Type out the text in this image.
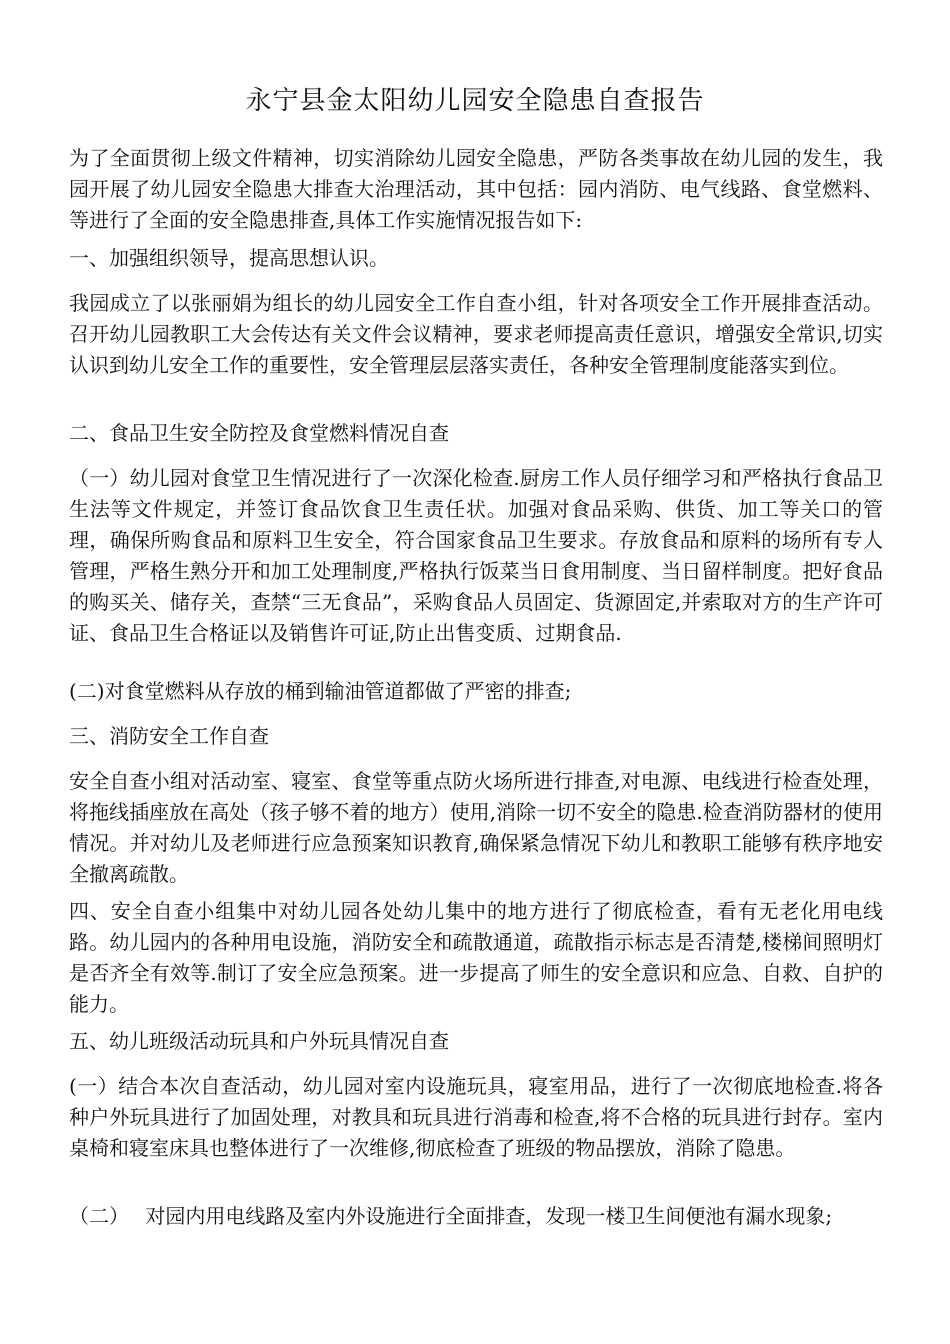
永宁县金太阳幼儿园安全隐患自查报告

为了全面贯彻上级文件精神，切实消除幼儿园安全隐患，严防各类事故在幼儿园的发生，我园开展了幼儿园安全隐患大排查大治理活动，其中包括：园内消防、电气线路、食堂燃料、等进行了全面的安全隐患排查,具体工作实施情况报告如下:

一、加强组织领导，提高思想认识。

我园成立了以张丽娟为组长的幼儿园安全工作自查小组，针对各项安全工作开展排查活动。召开幼儿园教职工大会传达有关文件会议精神，要求老师提高责任意识，增强安全常识,切实认识到幼儿安全工作的重要性，安全管理层层落实责任，各种安全管理制度能落实到位。

二、食品卫生安全防控及食堂燃料情况自查

（一）幼儿园对食堂卫生情况进行了一次深化检查.厨房工作人员仔细学习和严格执行食品卫生法等文件规定，并签订食品饮食卫生责任状。加强对食品采购、供货、加工等关口的管理，确保所购食品和原料卫生安全，符合国家食品卫生要求。存放食品和原料的场所有专人管理，严格生熟分开和加工处理制度,严格执行饭菜当日食用制度、当日留样制度。把好食品的购买关、储存关，查禁“三无食品”，采购食品人员固定、货源固定,并索取对方的生产许可证、食品卫生合格证以及销售许可证,防止出售变质、过期食品.

(二)对食堂燃料从存放的桶到输油管道都做了严密的排查;

三、消防安全工作自查

安全自查小组对活动室、寝室、食堂等重点防火场所进行排查,对电源、电线进行检查处理，将拖线插座放在高处（孩子够不着的地方）使用,消除一切不安全的隐患.检查消防器材的使用情况。并对幼儿及老师进行应急预案知识教育,确保紧急情况下幼儿和教职工能够有秩序地安全撤离疏散。

四、安全自查小组集中对幼儿园各处幼儿集中的地方进行了彻底检查，看有无老化用电线路。幼儿园内的各种用电设施，消防安全和疏散通道，疏散指示标志是否清楚,楼梯间照明灯是否齐全有效等.制订了安全应急预案。进一步提高了师生的安全意识和应急、自救、自护的能力。

五、幼儿班级活动玩具和户外玩具情况自查

(一）结合本次自查活动，幼儿园对室内设施玩具，寝室用品，进行了一次彻底地检查.将各种户外玩具进行了加固处理，对教具和玩具进行消毒和检查,将不合格的玩具进行封存。室内桌椅和寝室床具也整体进行了一次维修,彻底检查了班级的物品摆放，消除了隐患。

（二）　 对园内用电线路及室内外设施进行全面排查，发现一楼卫生间便池有漏水现象;
